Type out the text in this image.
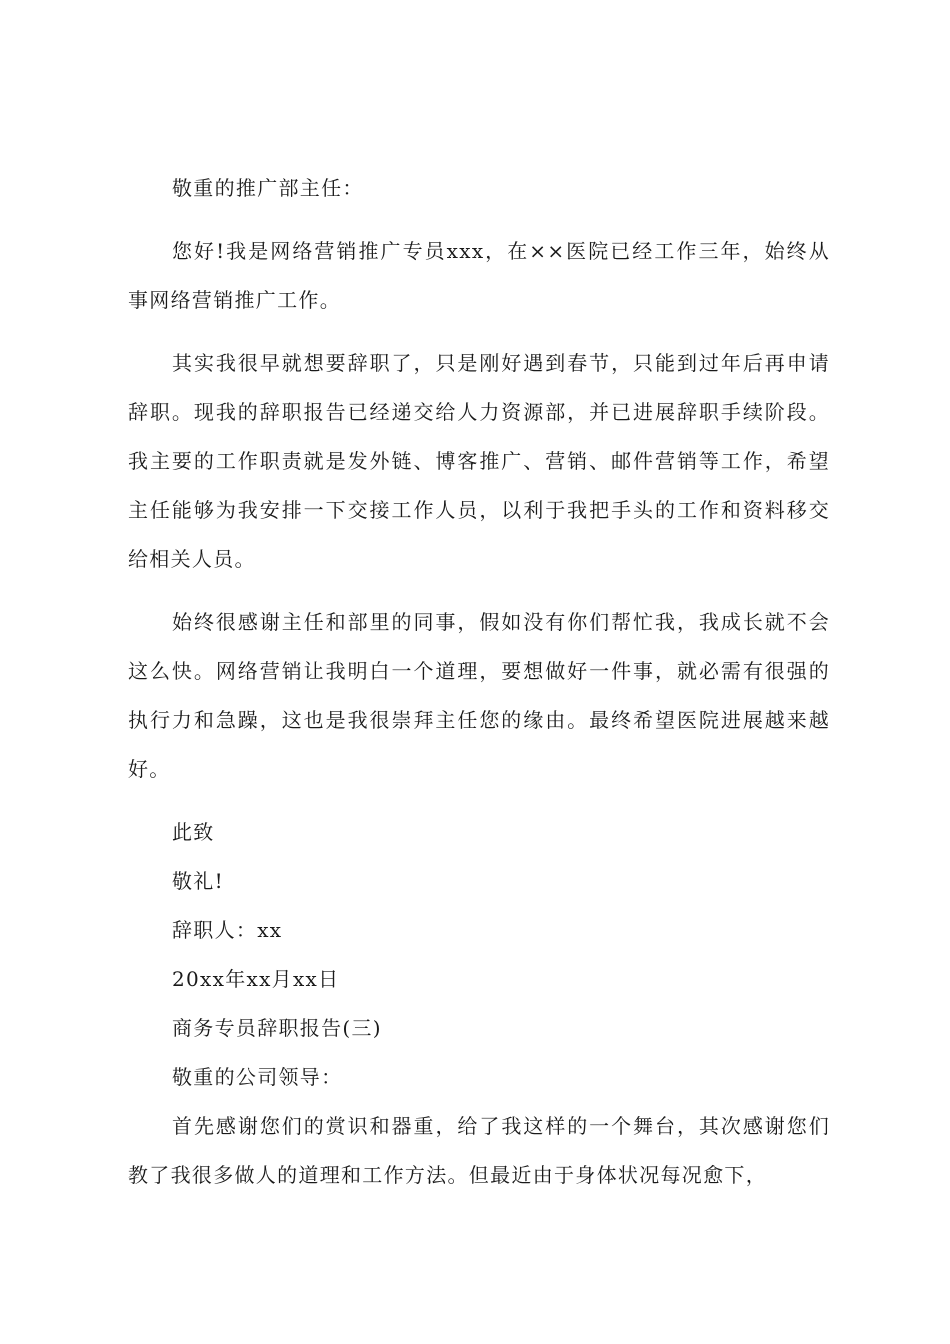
敬重的推广部主任：

您好!我是网络营销推广专员xxx，在××医院已经工作三年，始终从事网络营销推广工作。

其实我很早就想要辞职了，只是刚好遇到春节，只能到过年后再申请辞职。现我的辞职报告已经递交给人力资源部，并已进展辞职手续阶段。我主要的工作职责就是发外链、博客推广、营销、邮件营销等工作，希望主任能够为我安排一下交接工作人员，以利于我把手头的工作和资料移交给相关人员。

始终很感谢主任和部里的同事，假如没有你们帮忙我，我成长就不会这么快。网络营销让我明白一个道理，要想做好一件事，就必需有很强的执行力和急躁，这也是我很崇拜主任您的缘由。最终希望医院进展越来越好。

此致

敬礼!

辞职人：xx

20xx年xx月xx日

商务专员辞职报告(三)

敬重的公司领导：

首先感谢您们的赏识和器重，给了我这样的一个舞台，其次感谢您们教了我很多做人的道理和工作方法。但最近由于身体状况每况愈下，
